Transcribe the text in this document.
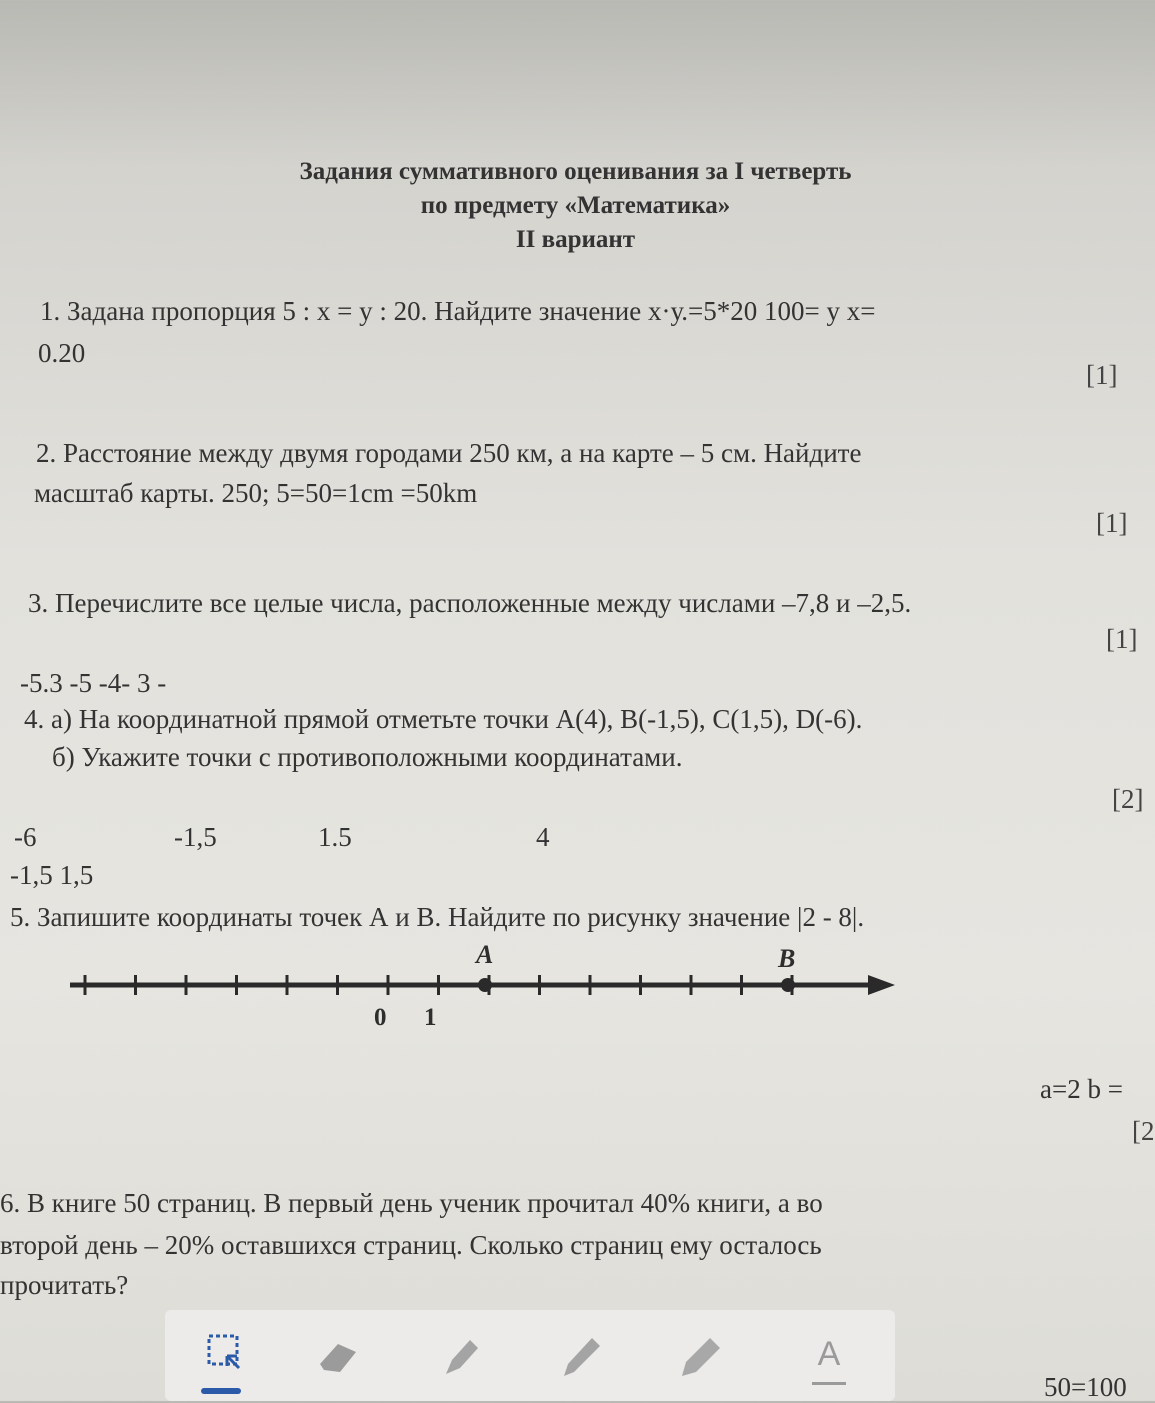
Задания суммативного оценивания за I четверть
по предмету «Математика»
II вариант
1. Задана пропорция 5 : х = у : 20. Найдите значение х·у.=5*20 100= у х=
0.20
[1]
2. Расстояние между двумя городами 250 км, а на карте – 5 см. Найдите
масштаб карты. 250; 5=50=1cm =50km
[1]
3. Перечислите все целые числа, расположенные между числами –7,8 и –2,5.
[1]
-5.3 -5 -4- 3 -
4. а) На координатной прямой отметьте точки А(4), В(-1,5), С(1,5), D(-6).
б) Укажите точки с противоположными координатами.
[2]
-6	-1,5	1.5	4
-1,5 1,5
5. Запишите координаты точек А и В. Найдите по рисунку значение |2 - 8|.
A	B
0 1
a=2 b =
[2
6. В книге 50 страниц. В первый день ученик прочитал 40% книги, а во
второй день – 20% оставшихся страниц. Сколько страниц ему осталось
прочитать?
50=100
A
